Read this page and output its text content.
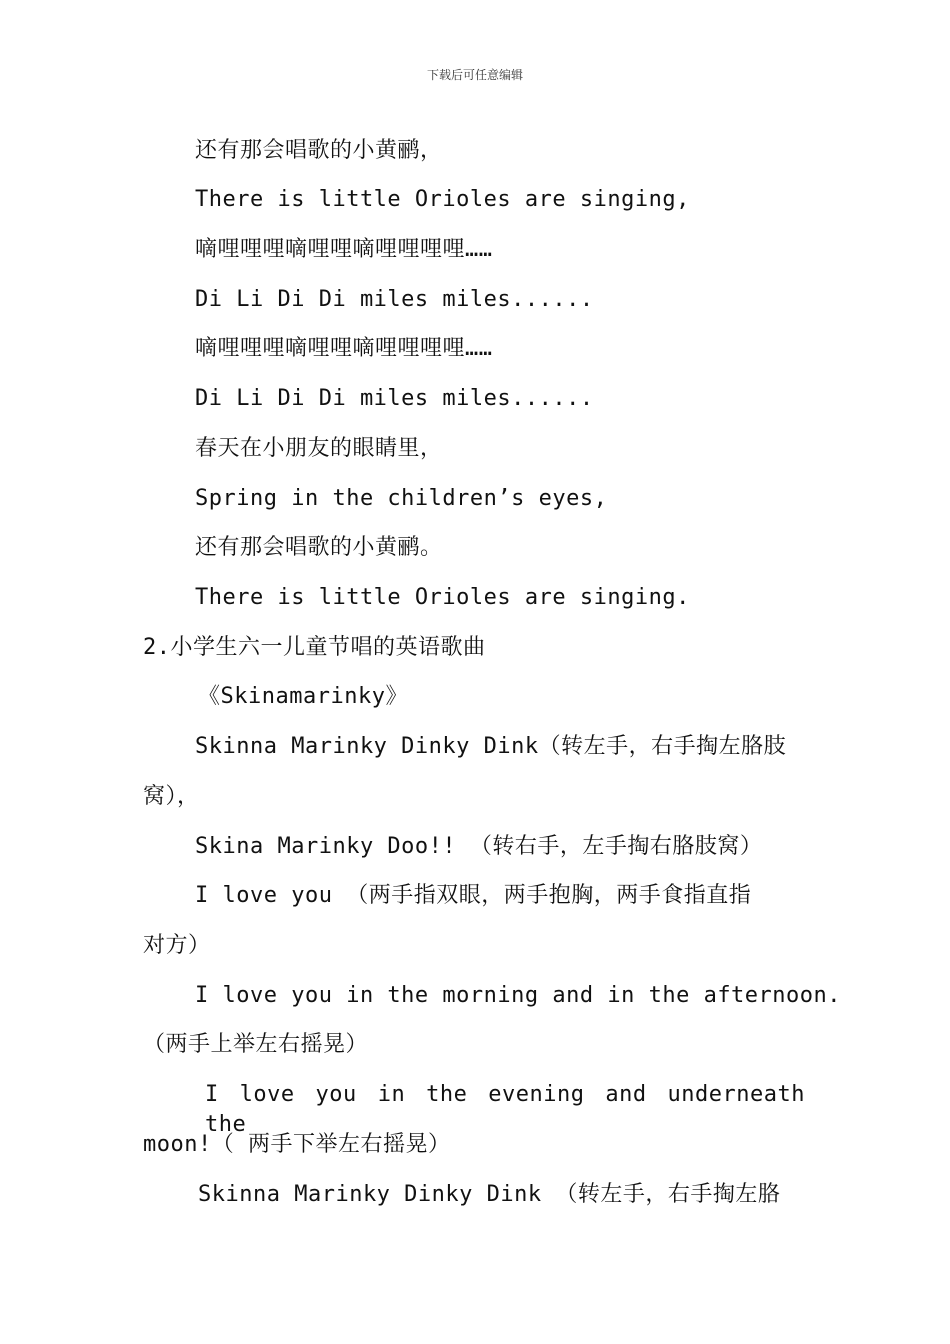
下载后可任意编辑
还有那会唱歌的小黄鹂，
There is little Orioles are singing,
嘀哩哩哩嘀哩哩嘀哩哩哩哩……
Di Li Di Di miles miles......
嘀哩哩哩嘀哩哩嘀哩哩哩哩……
Di Li Di Di miles miles......
春天在小朋友的眼睛里，
Spring in the children’s eyes,
还有那会唱歌的小黄鹂。
There is little Orioles are singing.
2.小学生六一儿童节唱的英语歌曲
《Skinamarinky》
Skinna Marinky Dinky Dink（转左手，右手掏左胳肢
窝），
Skina Marinky Doo!! （转右手，左手掏右胳肢窝）
I love you （两手指双眼，两手抱胸，两手食指直指
对方）
I love you in the morning and in the afternoon.
（两手上举左右摇晃）
I love you in the evening and underneath the
moon!（ 两手下举左右摇晃）
Skinna Marinky Dinky Dink （转左手，右手掏左胳
